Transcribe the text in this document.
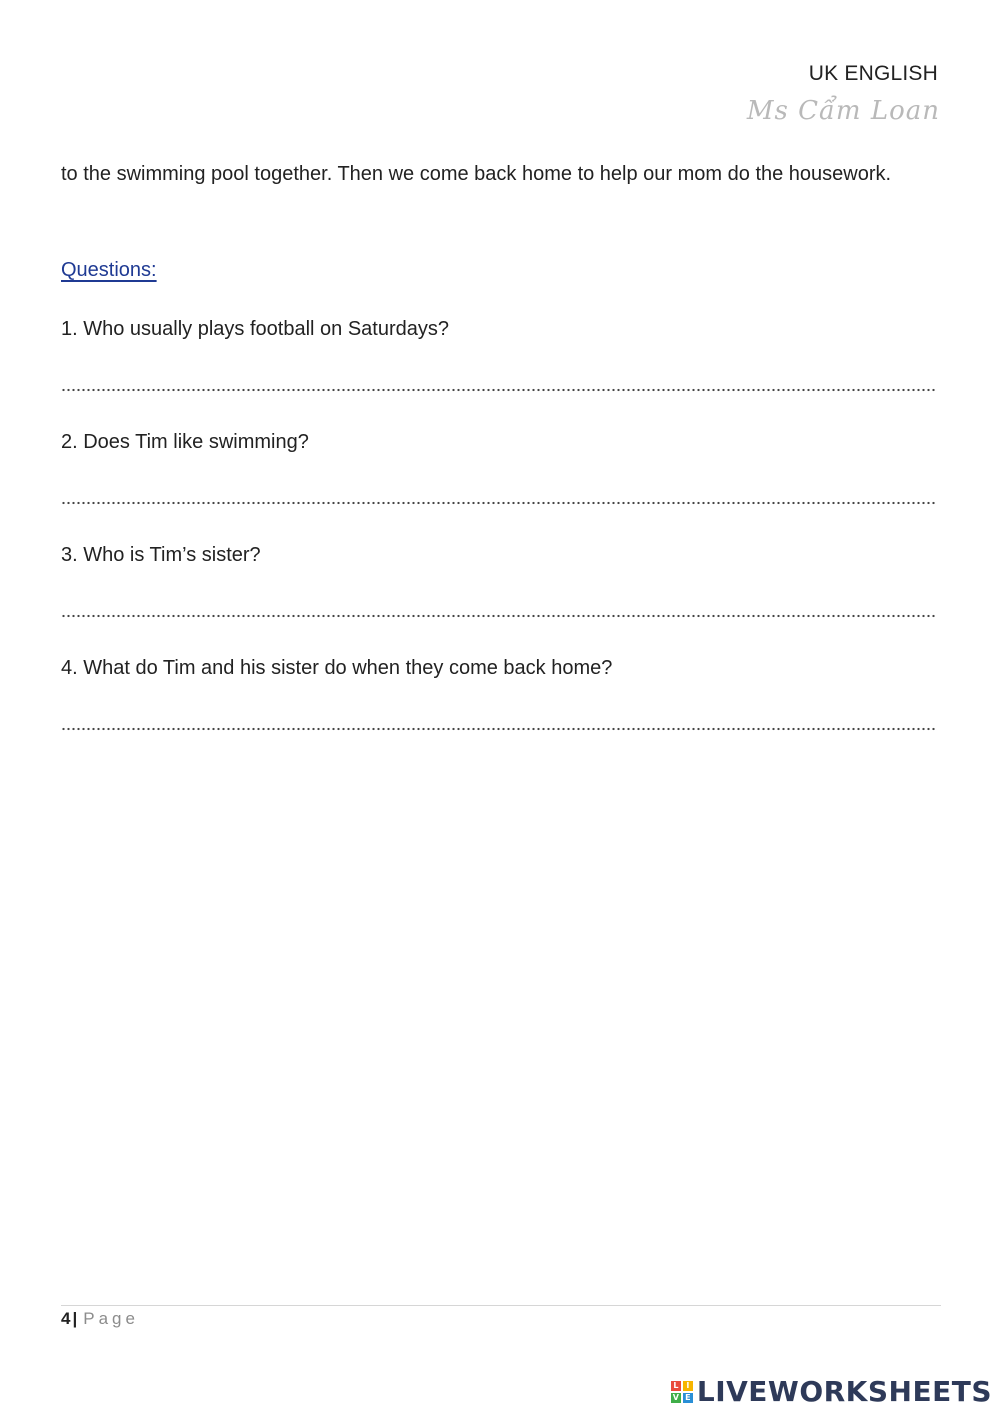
UK ENGLISH
Ms Cẩm Loan
to the swimming pool together. Then we come back home to help our mom do the housework.
Questions:
1. Who usually plays football on Saturdays?
2. Does Tim like swimming?
3. Who is Tim’s sister?
4. What do Tim and his sister do when they come back home?
4 | Page
L I
V E LIVEWORKSHEETS
